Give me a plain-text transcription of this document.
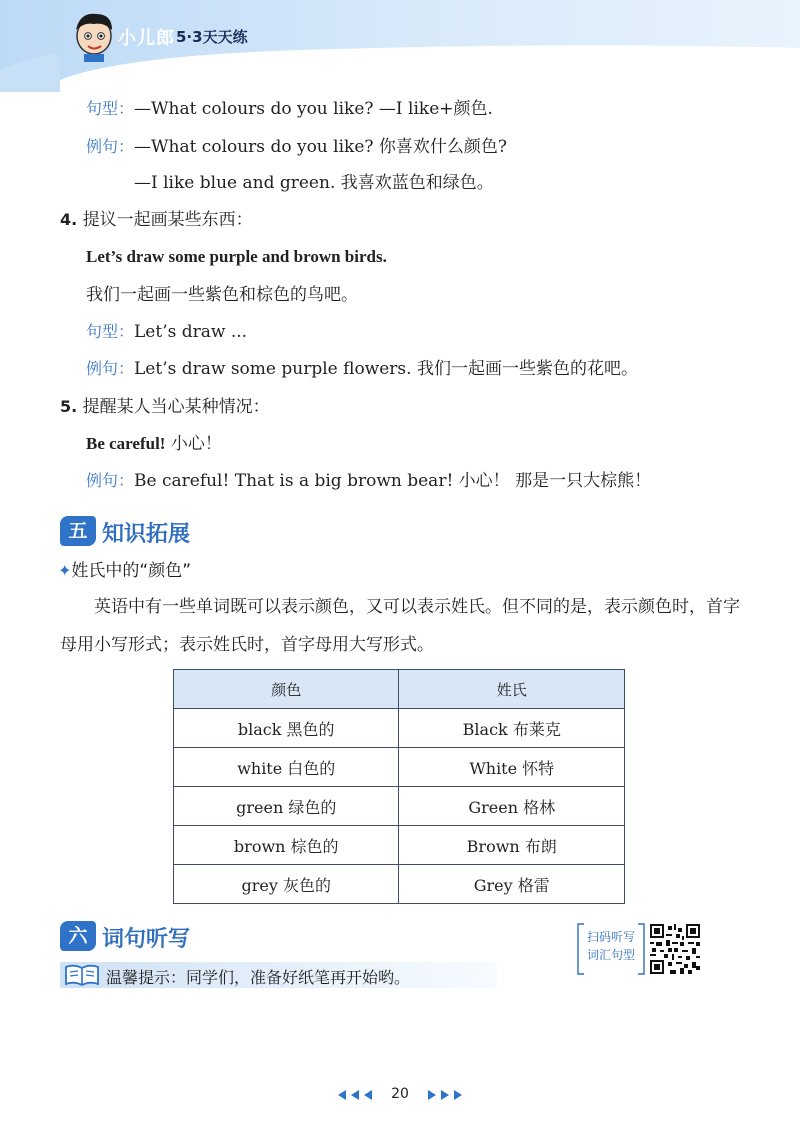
小儿郎 5·3天天练
句型：—What colours do you like? —I like+颜色.
例句：—What colours do you like? 你喜欢什么颜色?
—I like blue and green. 我喜欢蓝色和绿色。
4. 提议一起画某些东西：
Let’s draw some purple and brown birds.
我们一起画一些紫色和棕色的鸟吧。
句型：Let’s draw ...
例句：Let’s draw some purple flowers. 我们一起画一些紫色的花吧。
5. 提醒某人当心某种情况：
Be careful! 小心！
例句：Be careful! That is a big brown bear! 小心！ 那是一只大棕熊！
五 知识拓展
✦姓氏中的“颜色”
英语中有一些单词既可以表示颜色，又可以表示姓氏。但不同的是，表示颜色时，首字母用小写形式；表示姓氏时，首字母用大写形式。
颜色	姓氏
black 黑色的	Black 布莱克
white 白色的	White 怀特
green 绿色的	Green 格林
brown 棕色的	Brown 布朗
grey 灰色的	Grey 格雷
六 词句听写
温馨提示：同学们，准备好纸笔再开始哟。
扫码听写
词汇句型
20
